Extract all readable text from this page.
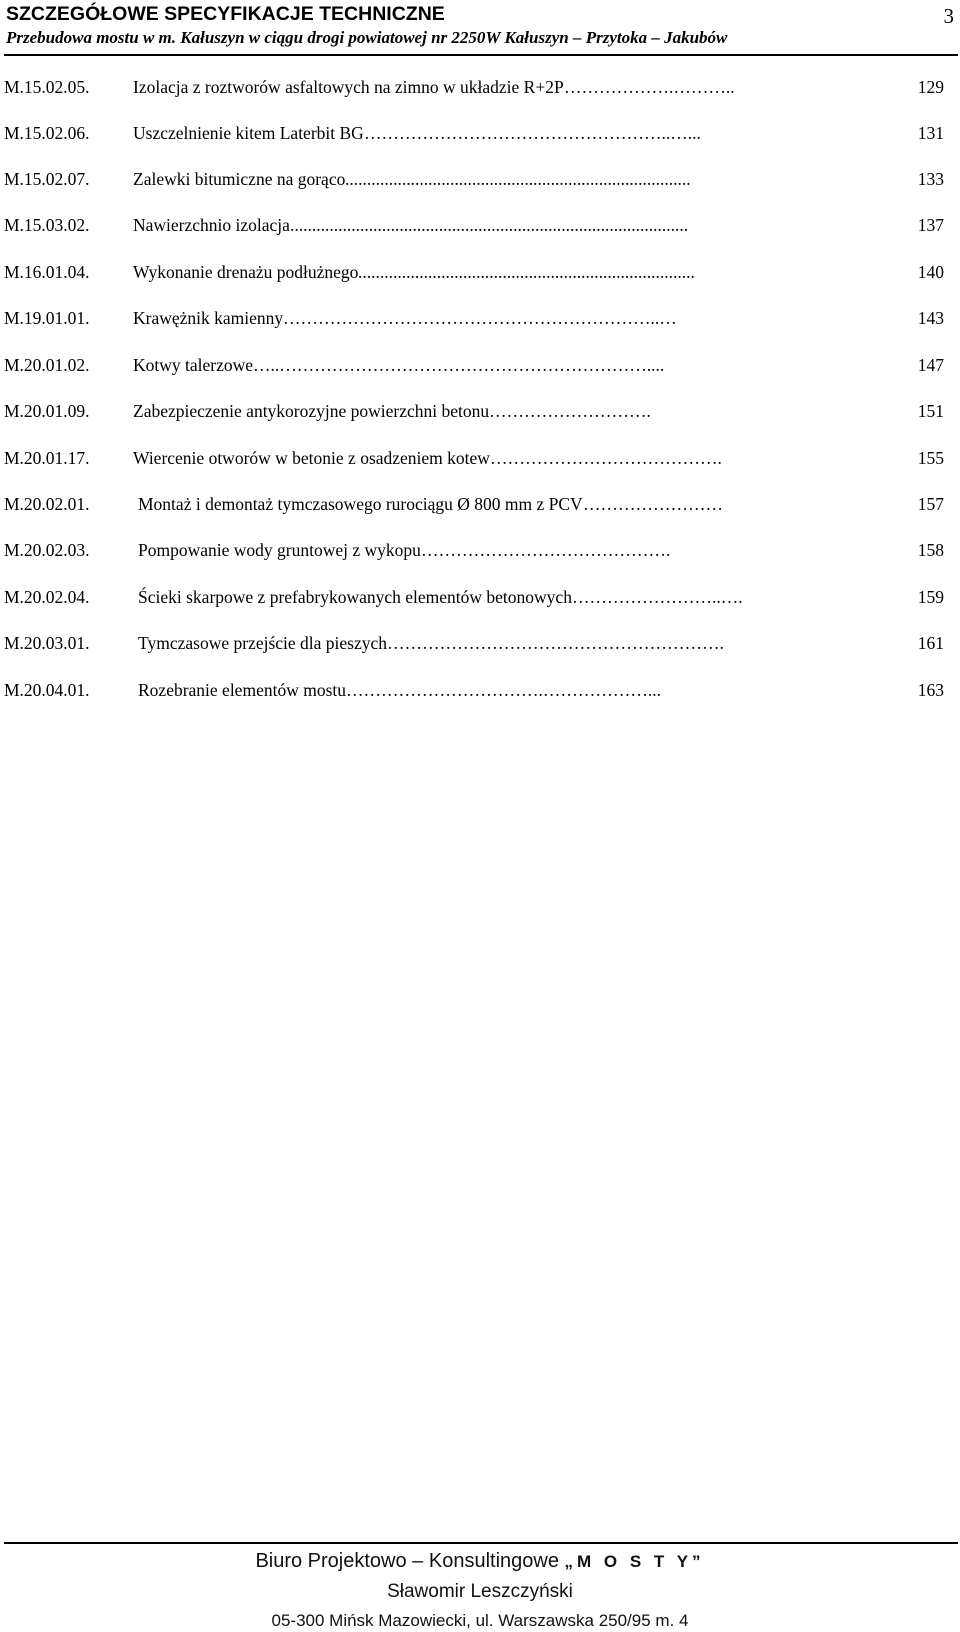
SZCZEGÓŁOWE SPECYFIKACJE TECHNICZNE
Przebudowa mostu w m. Kałuszyn w ciągu drogi powiatowej nr 2250W Kałuszyn – Przytoka – Jakubów
3
M.15.02.05. Izolacja z roztworów asfaltowych na zimno w układzie R+2P ……………….………..	129
M.15.02.06. Uszczelnienie kitem Laterbit BG ……………………………………………..…...	131
M.15.02.07. Zalewki bitumiczne na gorąco ...............................................................................	133
M.15.03.02. Nawierzchnio izolacja ...........................................................................................	137
M.16.01.04. Wykonanie drenażu podłużnego .............................................................................	140
M.19.01.01. Krawężnik kamienny ………………………………………………………..…	143
M.20.01.02. Kotwy talerzowe …..………………………………………………………....	147
M.20.01.09. Zabezpieczenie antykorozyjne powierzchni betonu ……………………….	151
M.20.01.17. Wiercenie otworów w betonie z osadzeniem kotew ………………………………….	155
M.20.02.01.	Montaż i demontaż tymczasowego rurociągu Ø 800 mm z PCV ……………………	157
M.20.02.03.	Pompowanie wody gruntowej z wykopu …………………………………….	158
M.20.02.04.	Ścieki skarpowe z prefabrykowanych elementów betonowych ……………………..….	159
M.20.03.01.	Tymczasowe przejście dla pieszych ………………………………………………….	161
M.20.04.01.	Rozebranie elementów mostu …………………………….………………...	163
Biuro Projektowo – Konsultingowe „M O S T Y”
Sławomir Leszczyński
05-300 Mińsk Mazowiecki, ul. Warszawska 250/95 m. 4
